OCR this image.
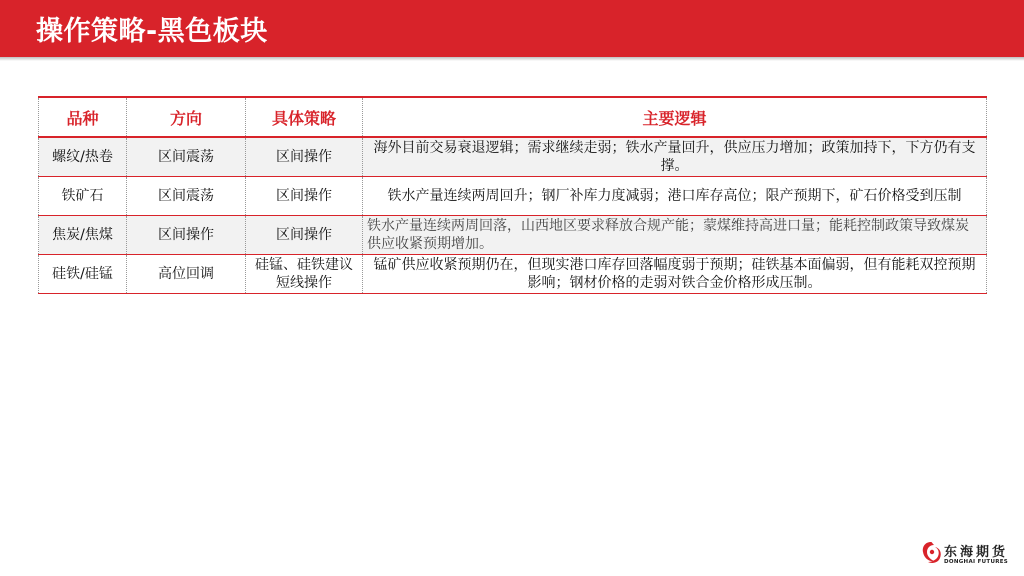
操作策略-黑色板块
品种	方向	具体策略	主要逻辑
螺纹/热卷	区间震荡	区间操作	海外目前交易衰退逻辑；需求继续走弱；铁水产量回升，供应压力增加；政策加持下，下方仍有支撑。
铁矿石	区间震荡	区间操作	铁水产量连续两周回升；钢厂补库力度减弱；港口库存高位；限产预期下，矿石价格受到压制
焦炭/焦煤	区间操作	区间操作	铁水产量连续两周回落，山西地区要求释放合规产能；蒙煤维持高进口量；能耗控制政策导致煤炭供应收紧预期增加。
硅铁/硅锰	高位回调	硅锰、硅铁建议短线操作	锰矿供应收紧预期仍在，但现实港口库存回落幅度弱于预期；硅铁基本面偏弱，但有能耗双控预期影响；钢材价格的走弱对铁合金价格形成压制。
东海期货
DONGHAI FUTURES
